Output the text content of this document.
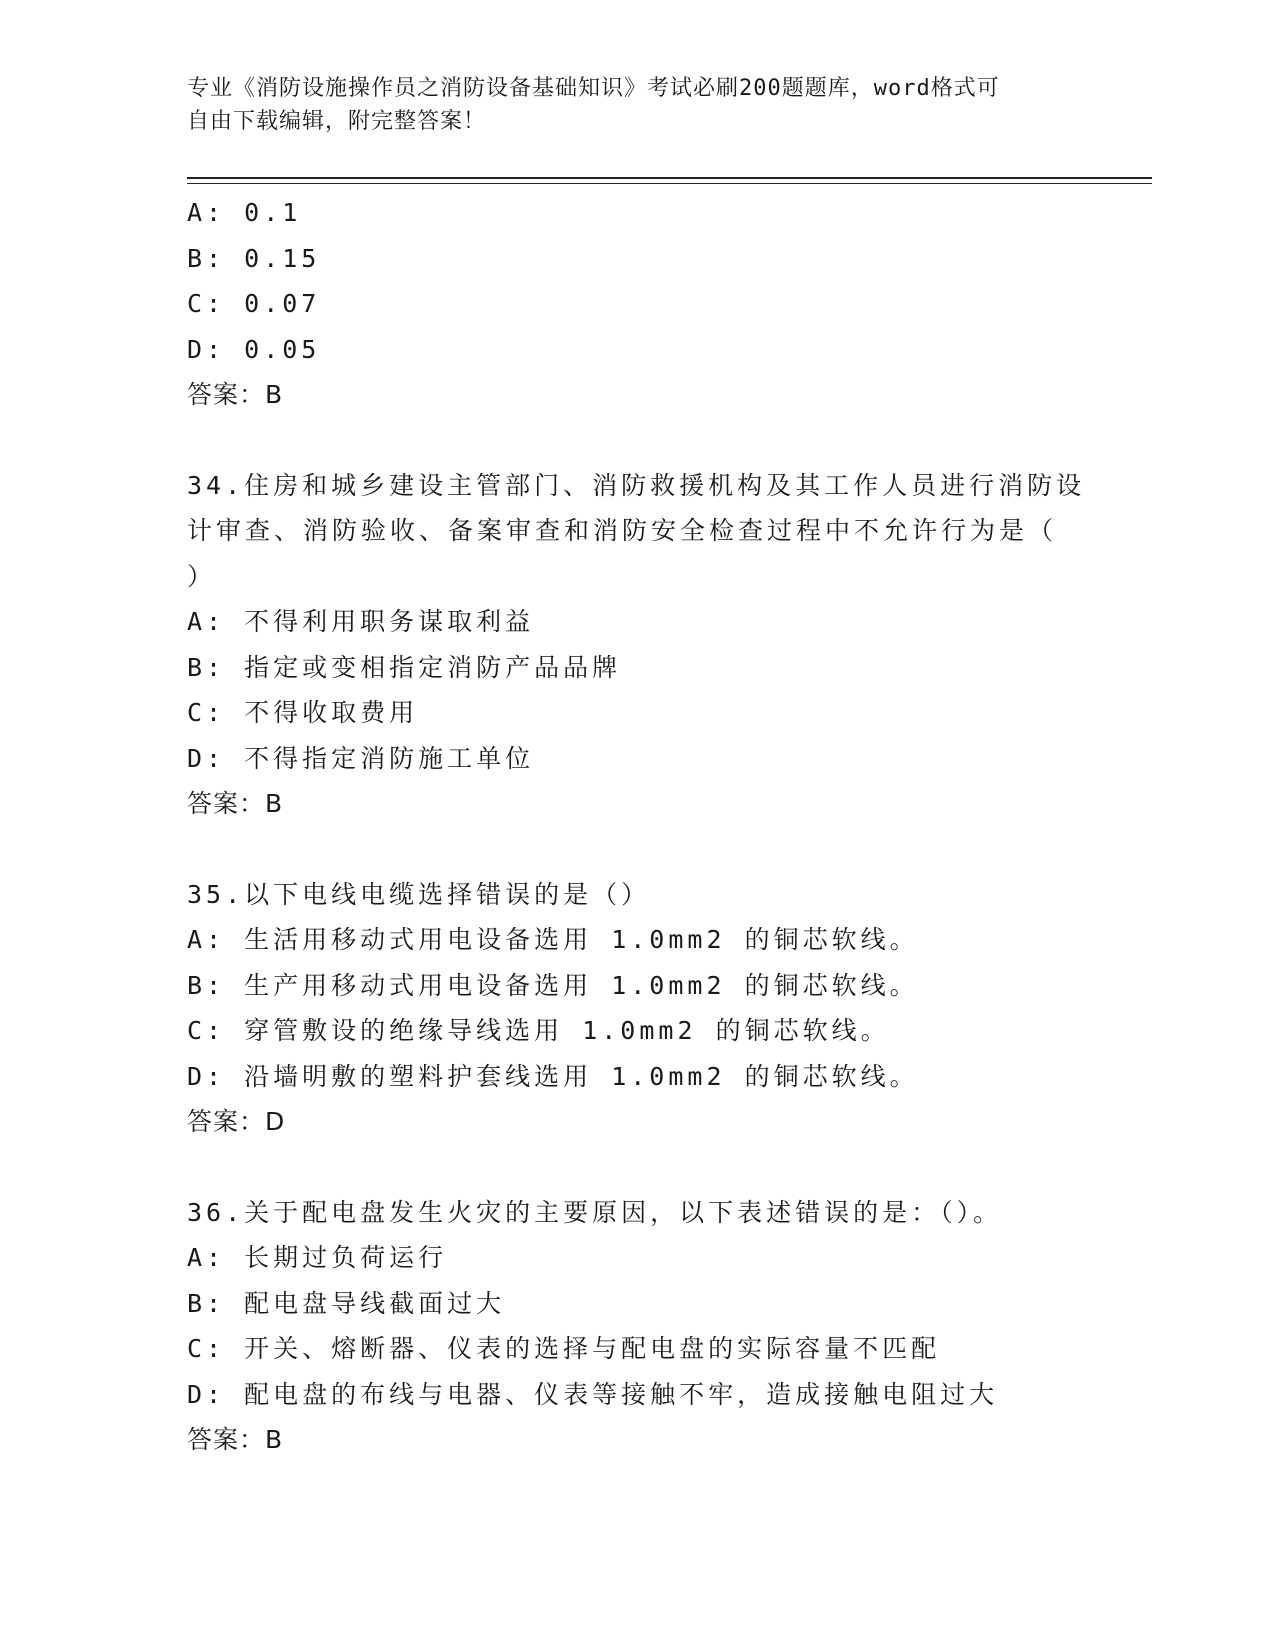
专业《消防设施操作员之消防设备基础知识》考试必刷200题题库，word格式可
自由下载编辑，附完整答案！
A: 0.1
B: 0.15
C: 0.07
D: 0.05
答案：B
34.住房和城乡建设主管部门、消防救援机构及其工作人员进行消防设
计审查、消防验收、备案审查和消防安全检查过程中不允许行为是（
）
A: 不得利用职务谋取利益
B: 指定或变相指定消防产品品牌
C: 不得收取费用
D: 不得指定消防施工单位
答案：B
35.以下电线电缆选择错误的是（）
A: 生活用移动式用电设备选用 1.0mm2 的铜芯软线。
B: 生产用移动式用电设备选用 1.0mm2 的铜芯软线。
C: 穿管敷设的绝缘导线选用 1.0mm2 的铜芯软线。
D: 沿墙明敷的塑料护套线选用 1.0mm2 的铜芯软线。
答案：D
36.关于配电盘发生火灾的主要原因，以下表述错误的是：（）。
A: 长期过负荷运行
B: 配电盘导线截面过大
C: 开关、熔断器、仪表的选择与配电盘的实际容量不匹配
D: 配电盘的布线与电器、仪表等接触不牢，造成接触电阻过大
答案：B
